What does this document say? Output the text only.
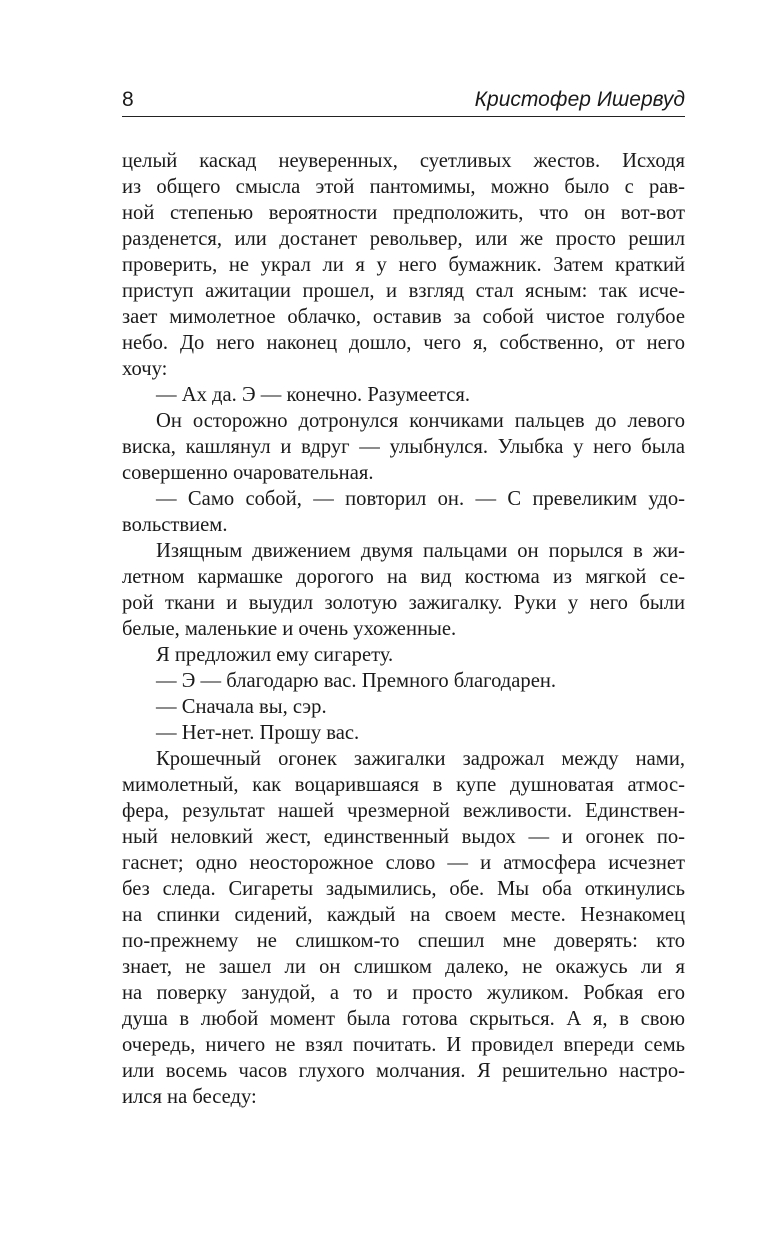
8	Кристофер Ишервуд
целый каскад неуверенных, суетливых жестов. Исходя
из общего смысла этой пантомимы, можно было с рав-
ной степенью вероятности предположить, что он вот-вот
разденется, или достанет револьвер, или же просто решил
проверить, не украл ли я у него бумажник. Затем краткий
приступ ажитации прошел, и взгляд стал ясным: так исче-
зает мимолетное облачко, оставив за собой чистое голубое
небо. До него наконец дошло, чего я, собственно, от него
хочу:
— Ах да. Э — конечно. Разумеется.
Он осторожно дотронулся кончиками пальцев до левого
виска, кашлянул и вдруг — улыбнулся. Улыбка у него была
совершенно очаровательная.
— Само собой, — повторил он. — С превеликим удо-
вольствием.
Изящным движением двумя пальцами он порылся в жи-
летном кармашке дорогого на вид костюма из мягкой се-
рой ткани и выудил золотую зажигалку. Руки у него были
белые, маленькие и очень ухоженные.
Я предложил ему сигарету.
— Э — благодарю вас. Премного благодарен.
— Сначала вы, сэр.
— Нет-нет. Прошу вас.
Крошечный огонек зажигалки задрожал между нами,
мимолетный, как воцарившаяся в купе душноватая атмос-
фера, результат нашей чрезмерной вежливости. Единствен-
ный неловкий жест, единственный выдох — и огонек по-
гаснет; одно неосторожное слово — и атмосфера исчезнет
без следа. Сигареты задымились, обе. Мы оба откинулись
на спинки сидений, каждый на своем месте. Незнакомец
по-прежнему не слишком-то спешил мне доверять: кто
знает, не зашел ли он слишком далеко, не окажусь ли я
на поверку занудой, а то и просто жуликом. Робкая его
душа в любой момент была готова скрыться. А я, в свою
очередь, ничего не взял почитать. И провидел впереди семь
или восемь часов глухого молчания. Я решительно настро-
ился на беседу:
